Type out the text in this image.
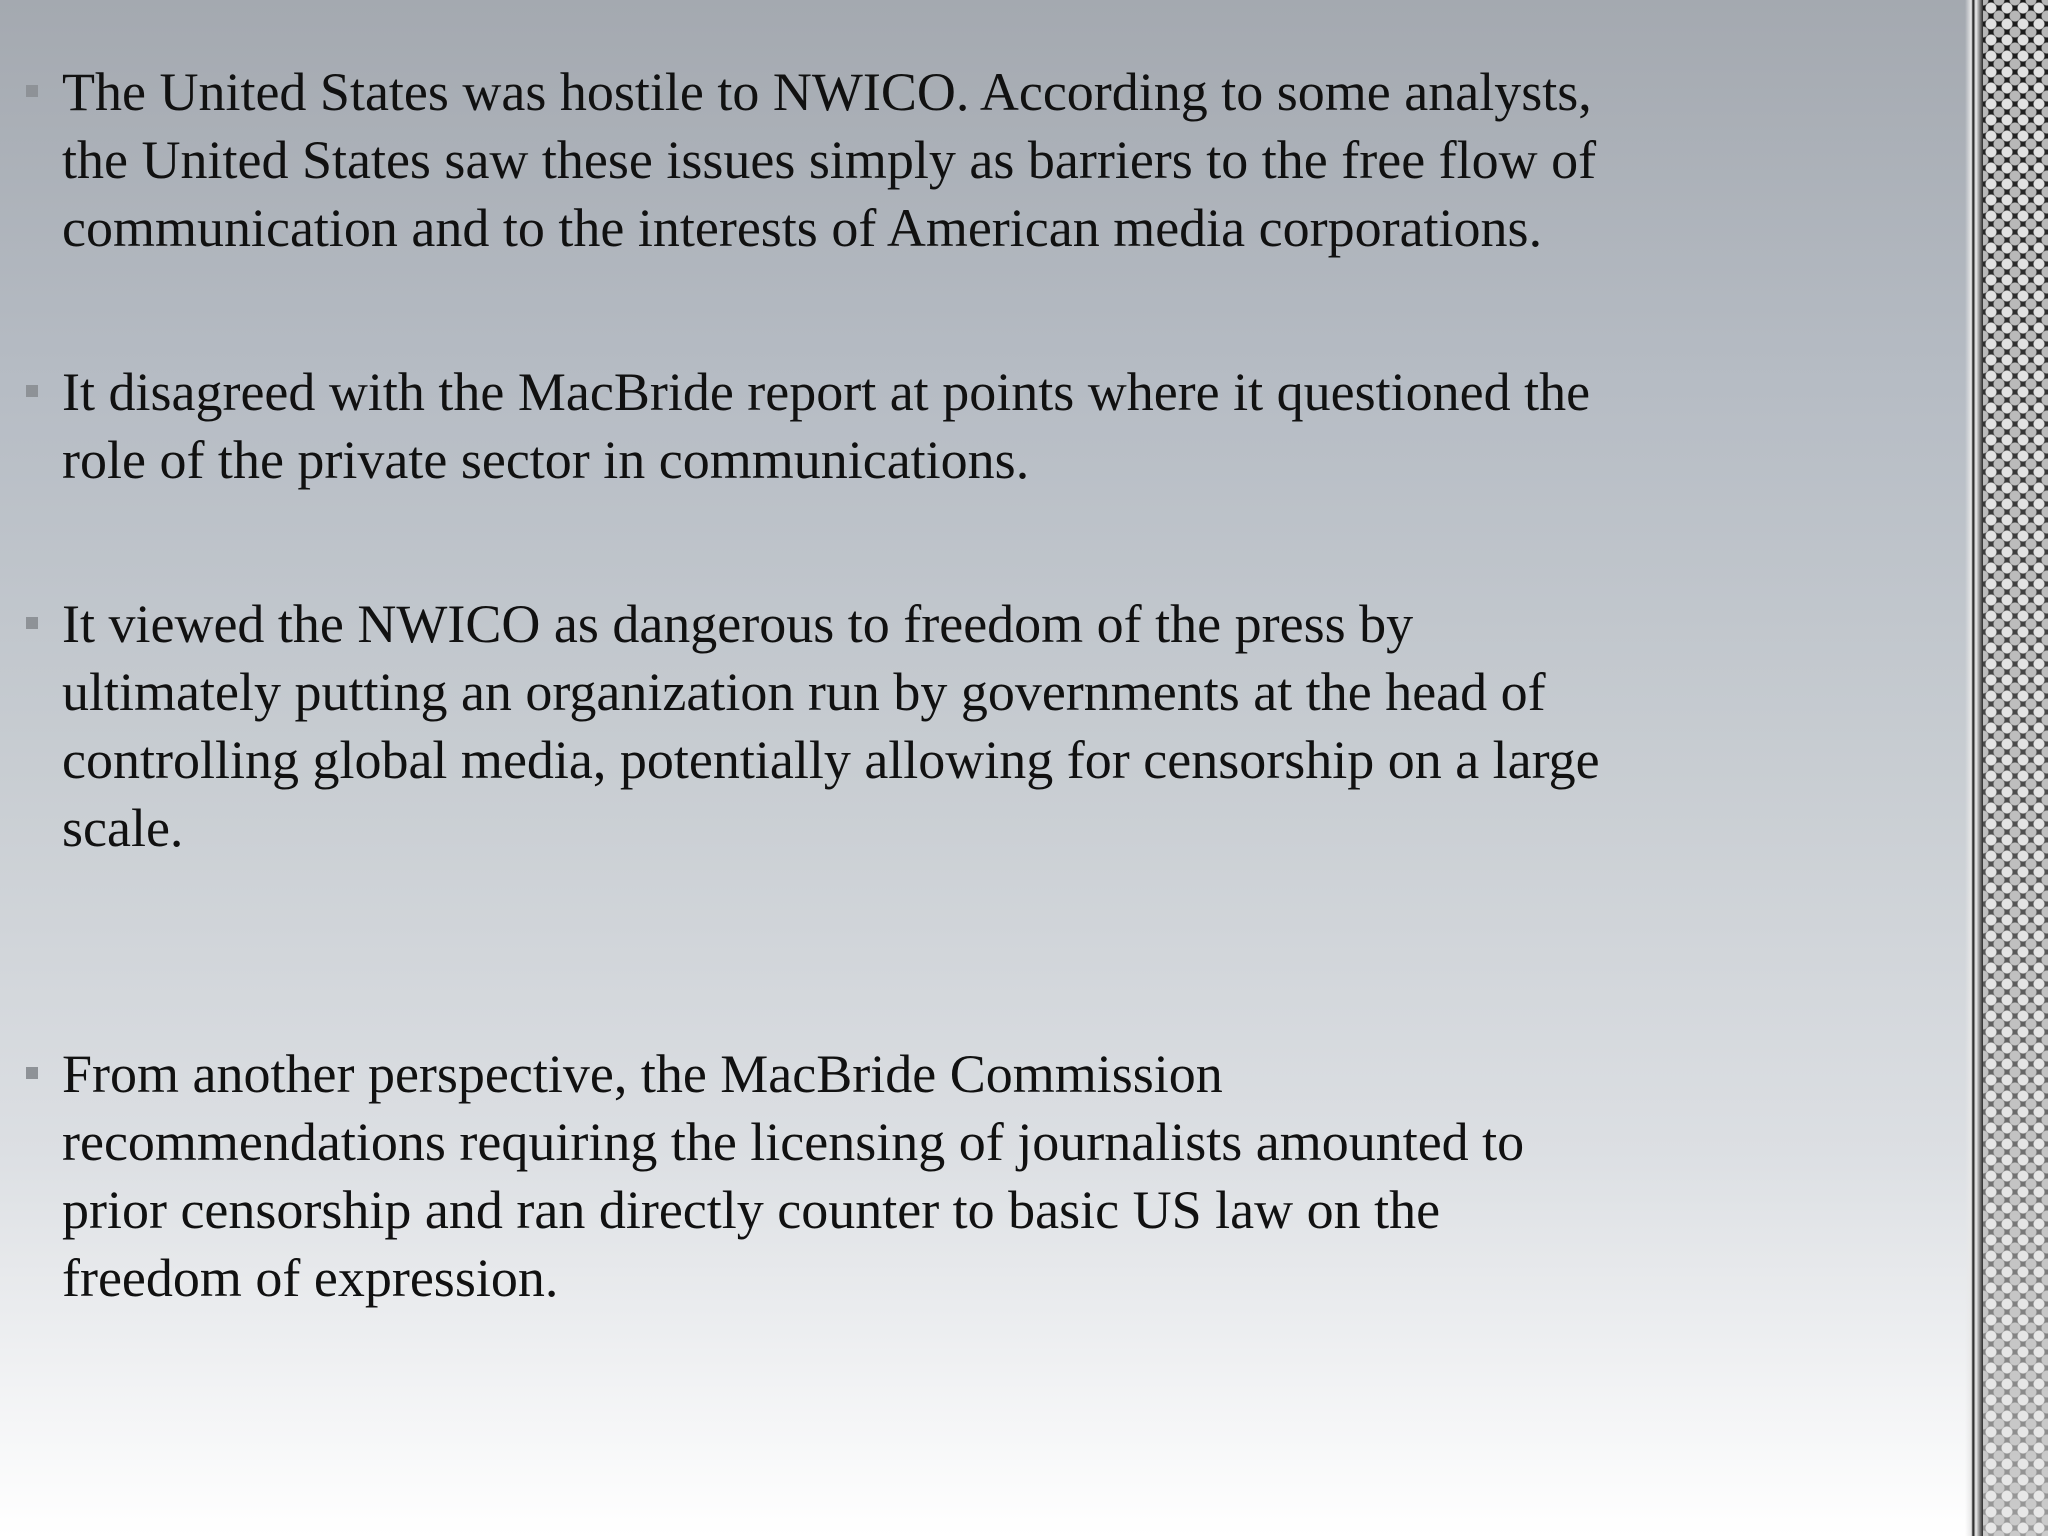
The United States was hostile to NWICO. According to some analysts,
the United States saw these issues simply as barriers to the free flow of
communication and to the interests of American media corporations.
It disagreed with the MacBride report at points where it questioned the
role of the private sector in communications.
It viewed the NWICO as dangerous to freedom of the press by
ultimately putting an organization run by governments at the head of
controlling global media, potentially allowing for censorship on a large
scale.
From another perspective, the MacBride Commission
recommendations requiring the licensing of journalists amounted to
prior censorship and ran directly counter to basic US law on the
freedom of expression.
